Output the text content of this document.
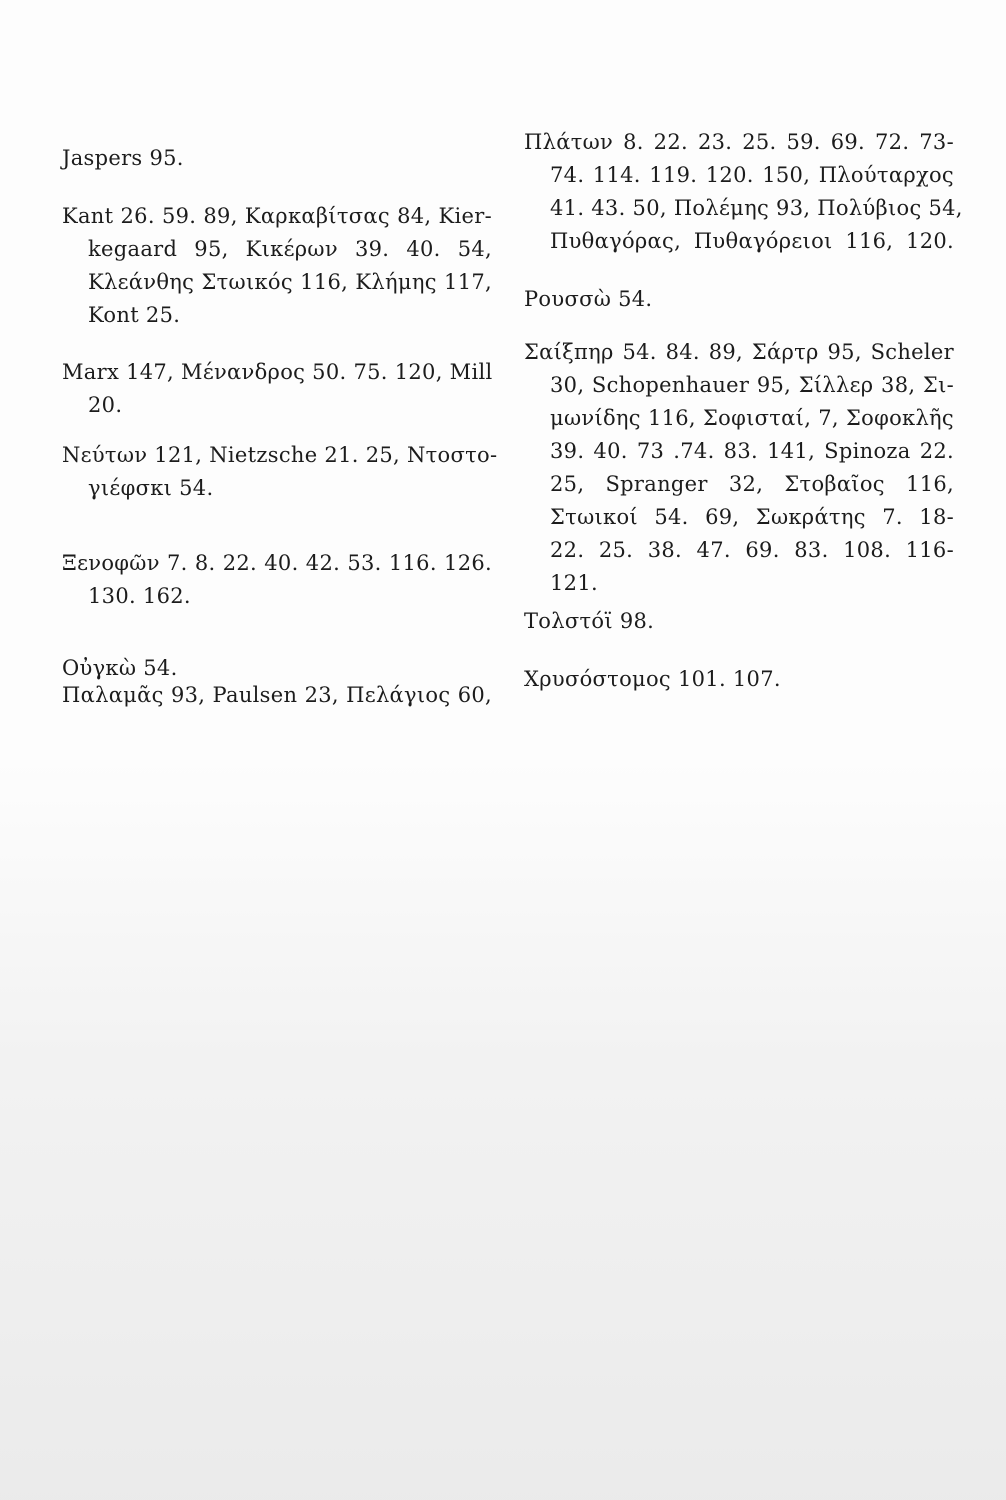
Jaspers 95.

Kant 26. 59. 89, Καρκαβίτσας 84, Kier-
kegaard 95, Κικέρων 39. 40. 54,
Κλεάνθης Στωικός 116, Κλήμης 117,
Kont 25.

Marx 147, Μένανδρος 50. 75. 120, Mill
20.

Νεύτων 121, Nietzsche 21. 25, Ντοστο-
γιέφσκι 54.

Ξενοφῶν 7. 8. 22. 40. 42. 53. 116. 126.
130. 162.

Οὐγκὼ 54.

Παλαμᾶς 93, Paulsen 23, Πελάγιος 60,

Πλάτων 8. 22. 23. 25. 59. 69. 72. 73-
74. 114. 119. 120. 150, Πλούταρχος
41. 43. 50, Πολέμης 93, Πολύβιος 54,
Πυθαγόρας, Πυθαγόρειοι 116, 120.

Ρουσσὼ 54.

Σαίξπηρ 54. 84. 89, Σάρτρ 95, Scheler
30, Schopenhauer 95, Σίλλερ 38, Σι-
μωνίδης 116, Σοφισταί, 7, Σοφοκλῆς
39. 40. 73 .74. 83. 141, Spinoza 22.
25, Spranger 32, Στοβαῖος 116,
Στωικοί 54. 69, Σωκράτης 7. 18-
22. 25. 38. 47. 69. 83. 108. 116-
121.

Τολστόϊ 98.

Χρυσόστομος 101. 107.
